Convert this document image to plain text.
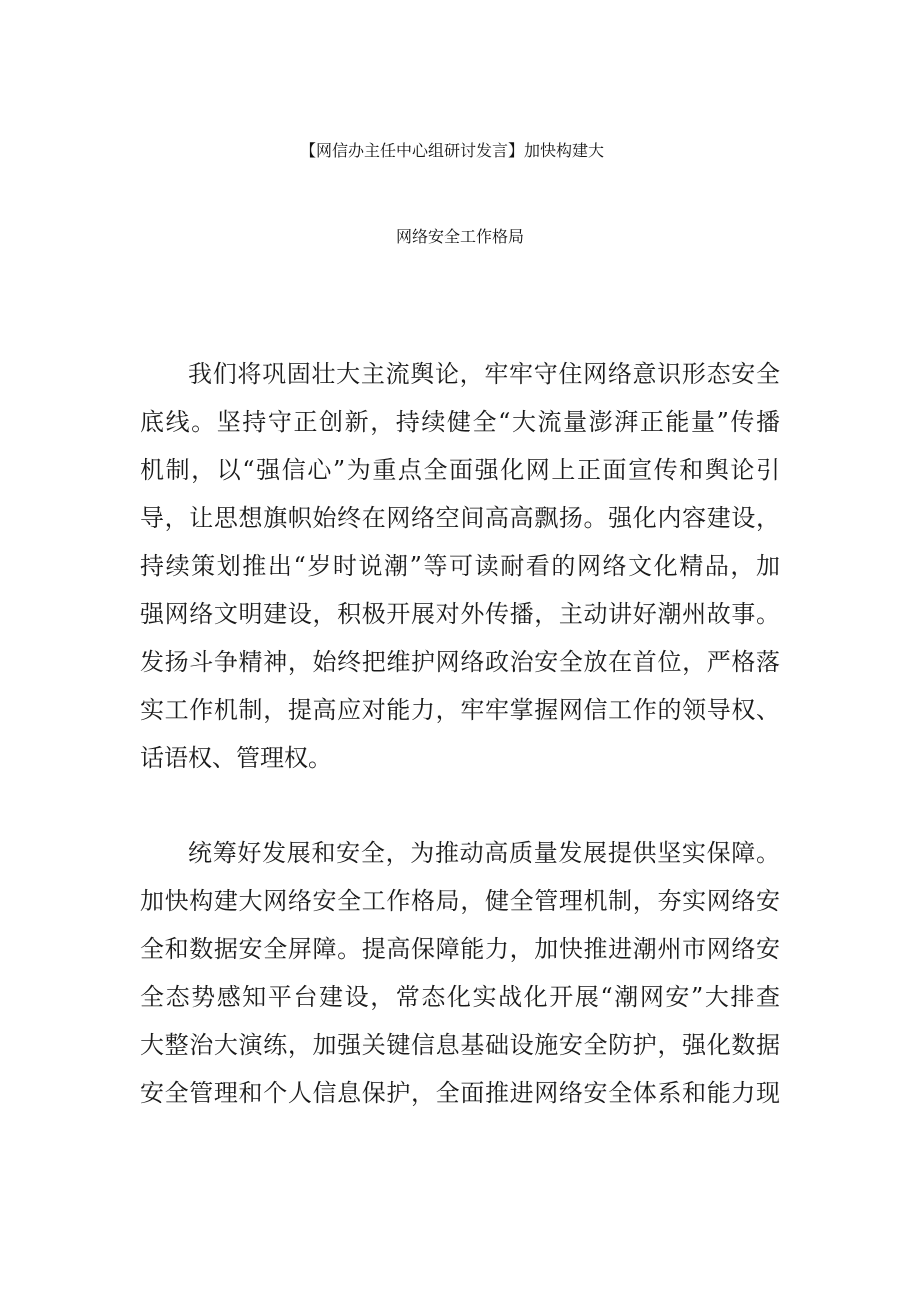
【网信办主任中心组研讨发言】加快构建大
网络安全工作格局
我们将巩固壮大主流舆论，牢牢守住网络意识形态安全
底线。坚持守正创新，持续健全“大流量澎湃正能量”传播
机制，以“强信心”为重点全面强化网上正面宣传和舆论引
导，让思想旗帜始终在网络空间高高飘扬。强化内容建设，
持续策划推出“岁时说潮”等可读耐看的网络文化精品，加
强网络文明建设，积极开展对外传播，主动讲好潮州故事。
发扬斗争精神，始终把维护网络政治安全放在首位，严格落
实工作机制，提高应对能力，牢牢掌握网信工作的领导权、
话语权、管理权。
统筹好发展和安全，为推动高质量发展提供坚实保障。
加快构建大网络安全工作格局，健全管理机制，夯实网络安
全和数据安全屏障。提高保障能力，加快推进潮州市网络安
全态势感知平台建设，常态化实战化开展“潮网安”大排查
大整治大演练，加强关键信息基础设施安全防护，强化数据
安全管理和个人信息保护，全面推进网络安全体系和能力现
